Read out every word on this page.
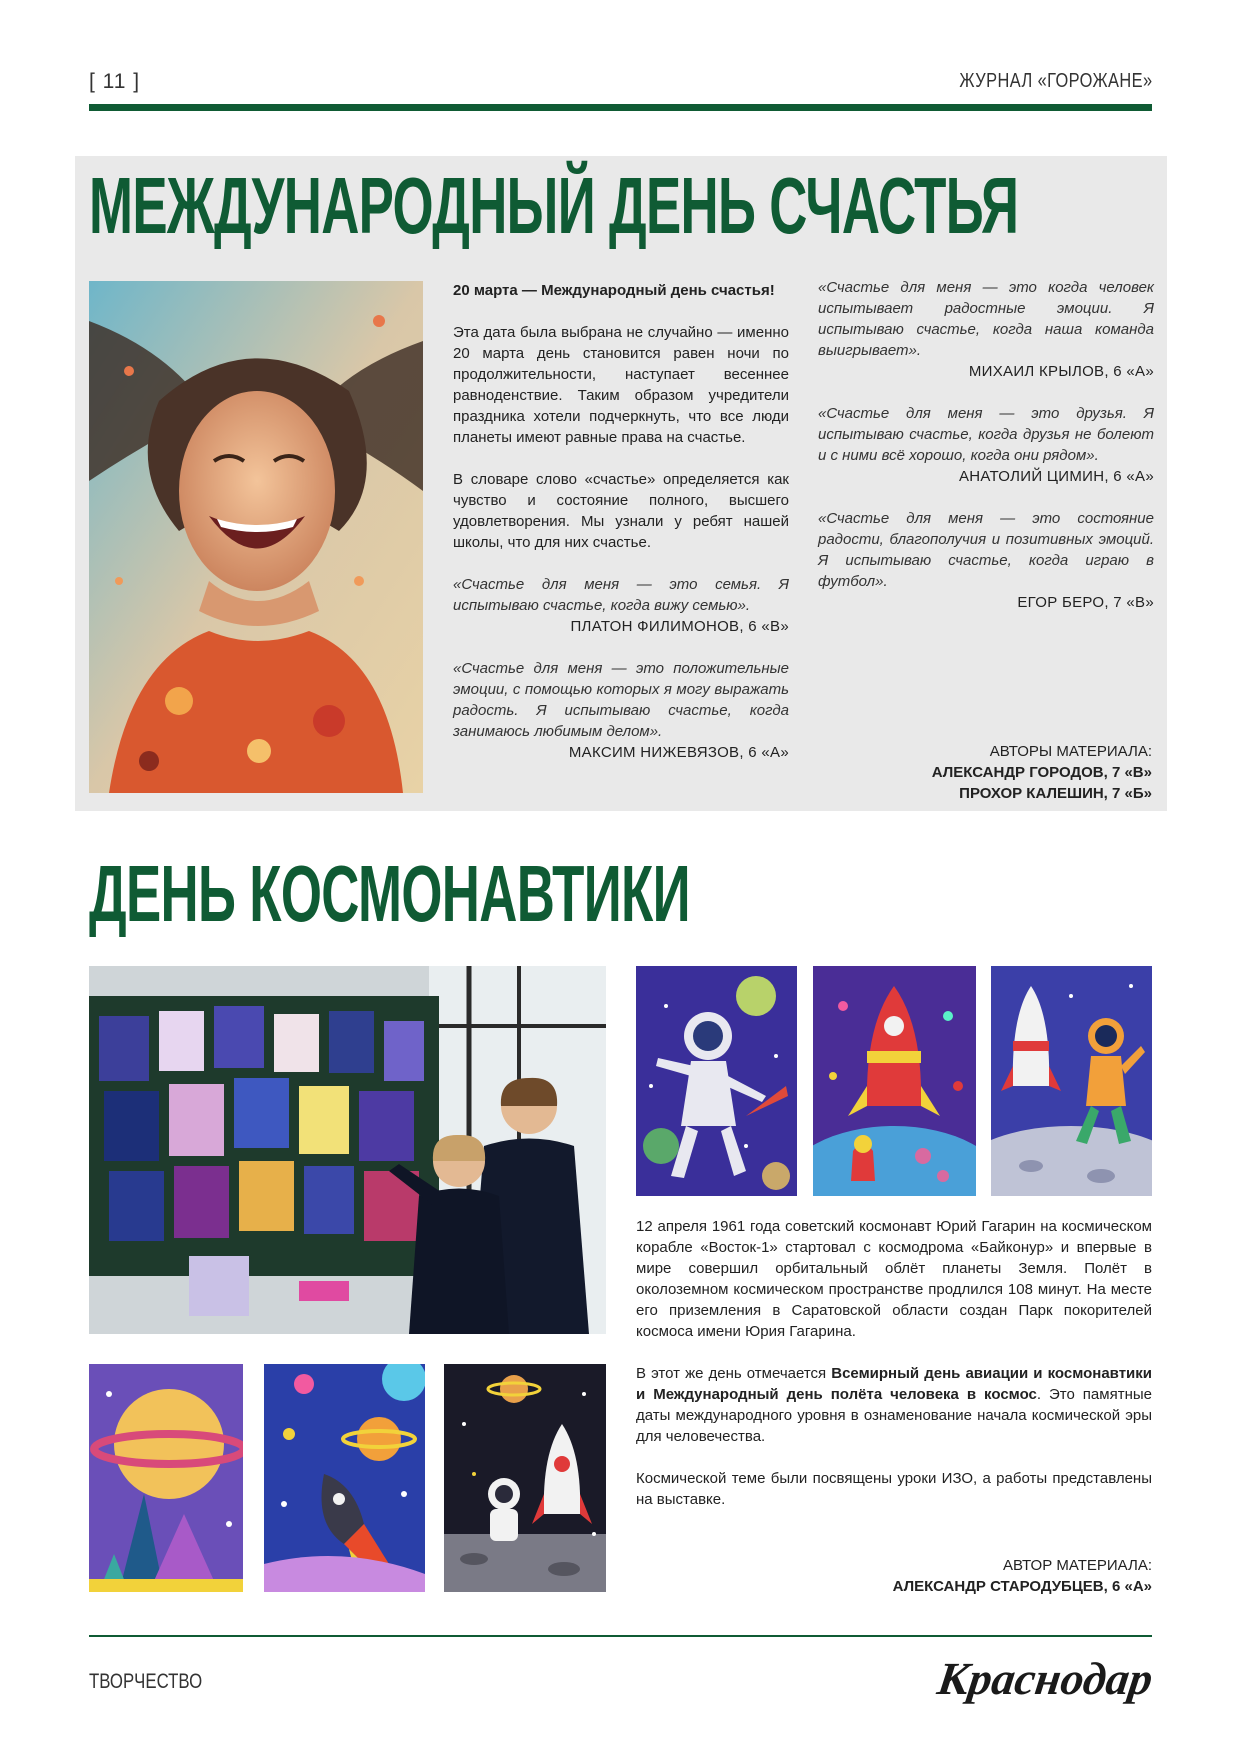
[ 11 ]	ЖУРНАЛ «ГОРОЖАНЕ»
МЕЖДУНАРОДНЫЙ ДЕНЬ СЧАСТЬЯ

20 марта — Международный день счастья!

Эта дата была выбрана не случайно — именно 20 марта день становится равен ночи по продолжительности, наступает весеннее равноденствие. Таким образом учредители праздника хотели подчеркнуть, что все люди планеты имеют равные права на счастье.

В словаре слово «счастье» определяется как чувство и состояние полного, высшего удовлетворения. Мы узнали у ребят нашей школы, что для них счастье.

«Счастье для меня — это семья. Я испытываю счастье, когда вижу семью».

ПЛАТОН ФИЛИМОНОВ, 6 «В»

«Счастье для меня — это положительные эмоции, с помощью которых я могу выражать радость. Я испытываю счастье, когда занимаюсь любимым делом».

МАКСИМ НИЖЕВЯЗОВ, 6 «А»

«Счастье для меня — это когда человек испытывает радостные эмоции. Я испытываю счастье, когда наша команда выигрывает».

МИХАИЛ КРЫЛОВ, 6 «А»

«Счастье для меня — это друзья. Я испытываю счастье, когда друзья не болеют и с ними всё хорошо, когда они рядом».

АНАТОЛИЙ ЦИМИН, 6 «А»

«Счастье для меня — это состояние радости, благополучия и позитивных эмоций. Я испытываю счастье, когда играю в футбол».

ЕГОР БЕРО, 7 «В»

АВТОРЫ МАТЕРИАЛА:
АЛЕКСАНДР ГОРОДОВ, 7 «В»
ПРОХОР КАЛЕШИН, 7 «Б»
ДЕНЬ КОСМОНАВТИКИ

12 апреля 1961 года советский космонавт Юрий Гагарин на космическом корабле «Восток-1» стартовал с космодрома «Байконур» и впервые в мире совершил орбитальный облёт планеты Земля. Полёт в околоземном космическом пространстве продлился 108 минут. На месте его приземления в Саратовской области создан Парк покорителей космоса имени Юрия Гагарина.

В этот же день отмечается Всемирный день авиации и космонавтики и Международный день полёта человека в космос. Это памятные даты международного уровня в ознаменование начала космической эры для человечества.

Космической теме были посвящены уроки ИЗО, а работы представлены на выставке.

АВТОР МАТЕРИАЛА:
АЛЕКСАНДР СТАРОДУБЦЕВ, 6 «А»
ТВОРЧЕСТВО	Краснодар
